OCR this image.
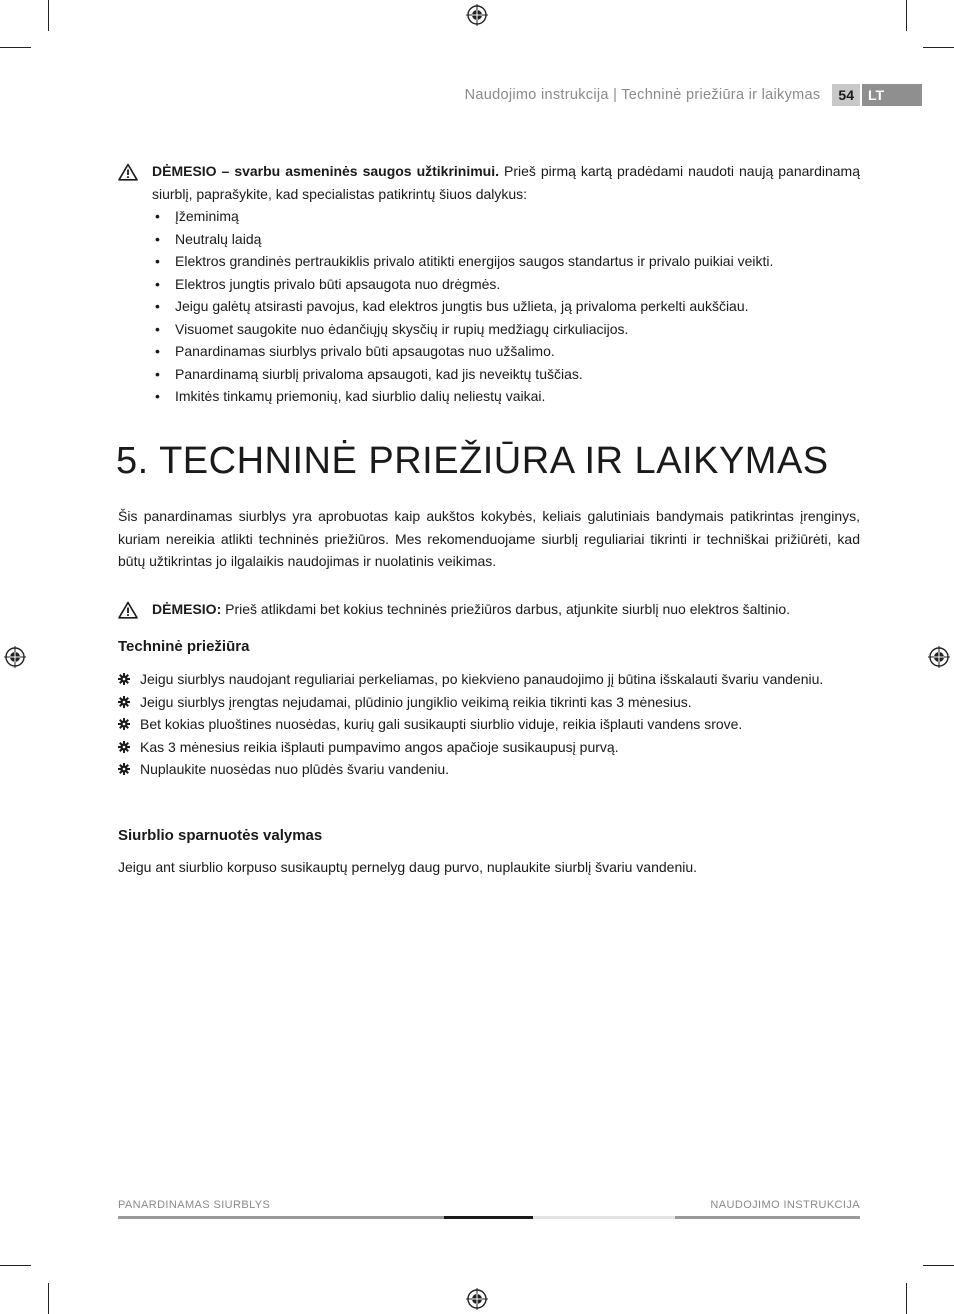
Naudojimo instrukcija | Techninė priežiūra ir laikymas	54	LT
DĖMESIO – svarbu asmeninės saugos užtikrinimui. Prieš pirmą kartą pradėdami naudoti naują panardinamą siurblį, paprašykite, kad specialistas patikrintų šiuos dalykus:
• Įžeminimą
• Neutralų laidą
• Elektros grandinės pertraukiklis privalo atitikti energijos saugos standartus ir privalo puikiai veikti.
• Elektros jungtis privalo būti apsaugota nuo drėgmės.
• Jeigu galėtų atsirasti pavojus, kad elektros jungtis bus užlieta, ją privaloma perkelti aukščiau.
• Visuomet saugokite nuo ėdančiųjų skysčių ir rupių medžiagų cirkuliacijos.
• Panardinamas siurblys privalo būti apsaugotas nuo užšalimo.
• Panardinamą siurblį privaloma apsaugoti, kad jis neveiktų tuščias.
• Imkitės tinkamų priemonių, kad siurblio dalių neliestų vaikai.
5. TECHNINĖ PRIEŽIŪRA IR LAIKYMAS

Šis panardinamas siurblys yra aprobuotas kaip aukštos kokybės, keliais galutiniais bandymais patikrintas įrenginys, kuriam nereikia atlikti techninės priežiūros. Mes rekomenduojame siurblį reguliariai tikrinti ir techniškai prižiūrėti, kad būtų užtikrintas jo ilgalaikis naudojimas ir nuolatinis veikimas.

DĖMESIO: Prieš atlikdami bet kokius techninės priežiūros darbus, atjunkite siurblį nuo elektros šaltinio.
Techninė priežiūra
Jeigu siurblys naudojant reguliariai perkeliamas, po kiekvieno panaudojimo jį būtina išskalauti švariu vandeniu.
Jeigu siurblys įrengtas nejudamai, plūdinio jungiklio veikimą reikia tikrinti kas 3 mėnesius.
Bet kokias pluoštines nuosėdas, kurių gali susikaupti siurblio viduje, reikia išplauti vandens srove.
Kas 3 mėnesius reikia išplauti pumpavimo angos apačioje susikaupusį purvą.
Nuplaukite nuosėdas nuo plūdės švariu vandeniu.
Siurblio sparnuotės valymas

Jeigu ant siurblio korpuso susikauptų pernelyg daug purvo, nuplaukite siurblį švariu vandeniu.

PANARDINAMAS SIURBLYS	NAUDOJIMO INSTRUKCIJA
